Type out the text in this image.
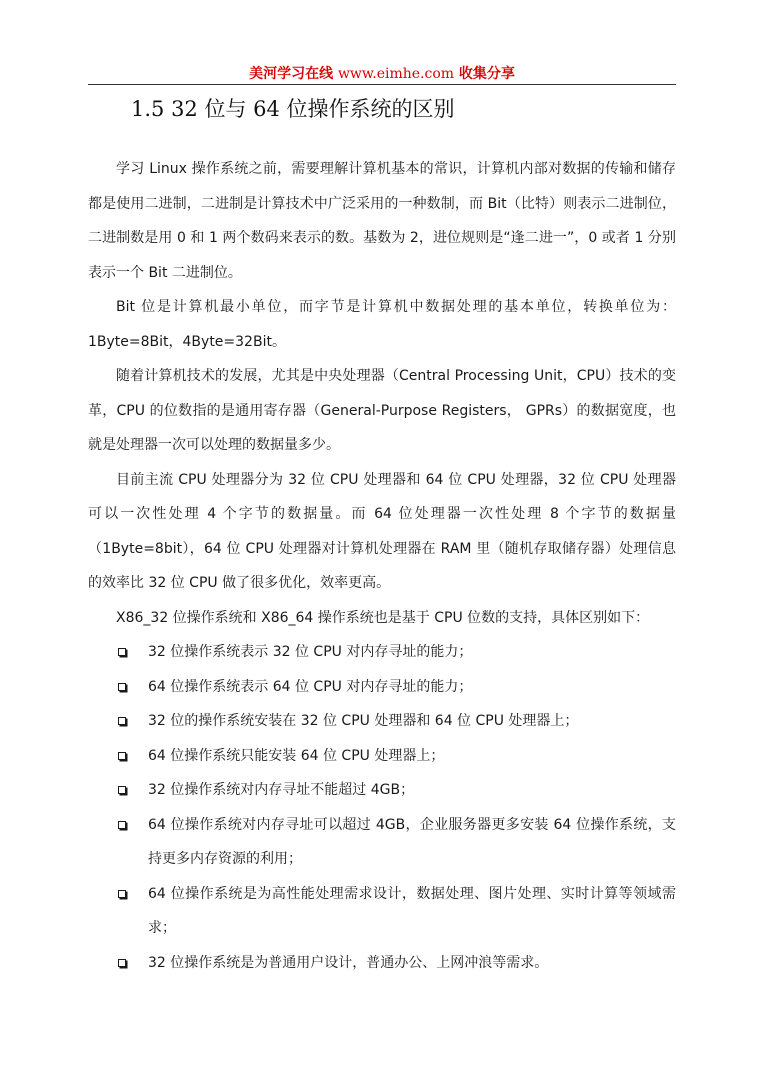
美河学习在线 www.eimhe.com 收集分享
1.5 32 位与 64 位操作系统的区别

学习 Linux 操作系统之前，需要理解计算机基本的常识，计算机内部对数据的传输和储存都是使用二进制，二进制是计算技术中广泛采用的一种数制，而 Bit（比特）则表示二进制位，二进制数是用 0 和 1 两个数码来表示的数。基数为 2，进位规则是“逢二进一”，0 或者 1 分别表示一个 Bit 二进制位。

Bit 位是计算机最小单位，而字节是计算机中数据处理的基本单位，转换单位为：1Byte=8Bit，4Byte=32Bit。

随着计算机技术的发展，尤其是中央处理器（Central Processing Unit，CPU）技术的变革，CPU 的位数指的是通用寄存器（General-Purpose Registers， GPRs）的数据宽度，也就是处理器一次可以处理的数据量多少。

目前主流 CPU 处理器分为 32 位 CPU 处理器和 64 位 CPU 处理器，32 位 CPU 处理器可以一次性处理 4 个字节的数据量。而 64 位处理器一次性处理 8 个字节的数据量（1Byte=8bit），64 位 CPU 处理器对计算机处理器在 RAM 里（随机存取储存器）处理信息的效率比 32 位 CPU 做了很多优化，效率更高。

X86_32 位操作系统和 X86_64 操作系统也是基于 CPU 位数的支持，具体区别如下：

32 位操作系统表示 32 位 CPU 对内存寻址的能力；
64 位操作系统表示 64 位 CPU 对内存寻址的能力；
32 位的操作系统安装在 32 位 CPU 处理器和 64 位 CPU 处理器上；
64 位操作系统只能安装 64 位 CPU 处理器上；
32 位操作系统对内存寻址不能超过 4GB；
64 位操作系统对内存寻址可以超过 4GB，企业服务器更多安装 64 位操作系统，支持更多内存资源的利用；
64 位操作系统是为高性能处理需求设计，数据处理、图片处理、实时计算等领域需求；
32 位操作系统是为普通用户设计，普通办公、上网冲浪等需求。
